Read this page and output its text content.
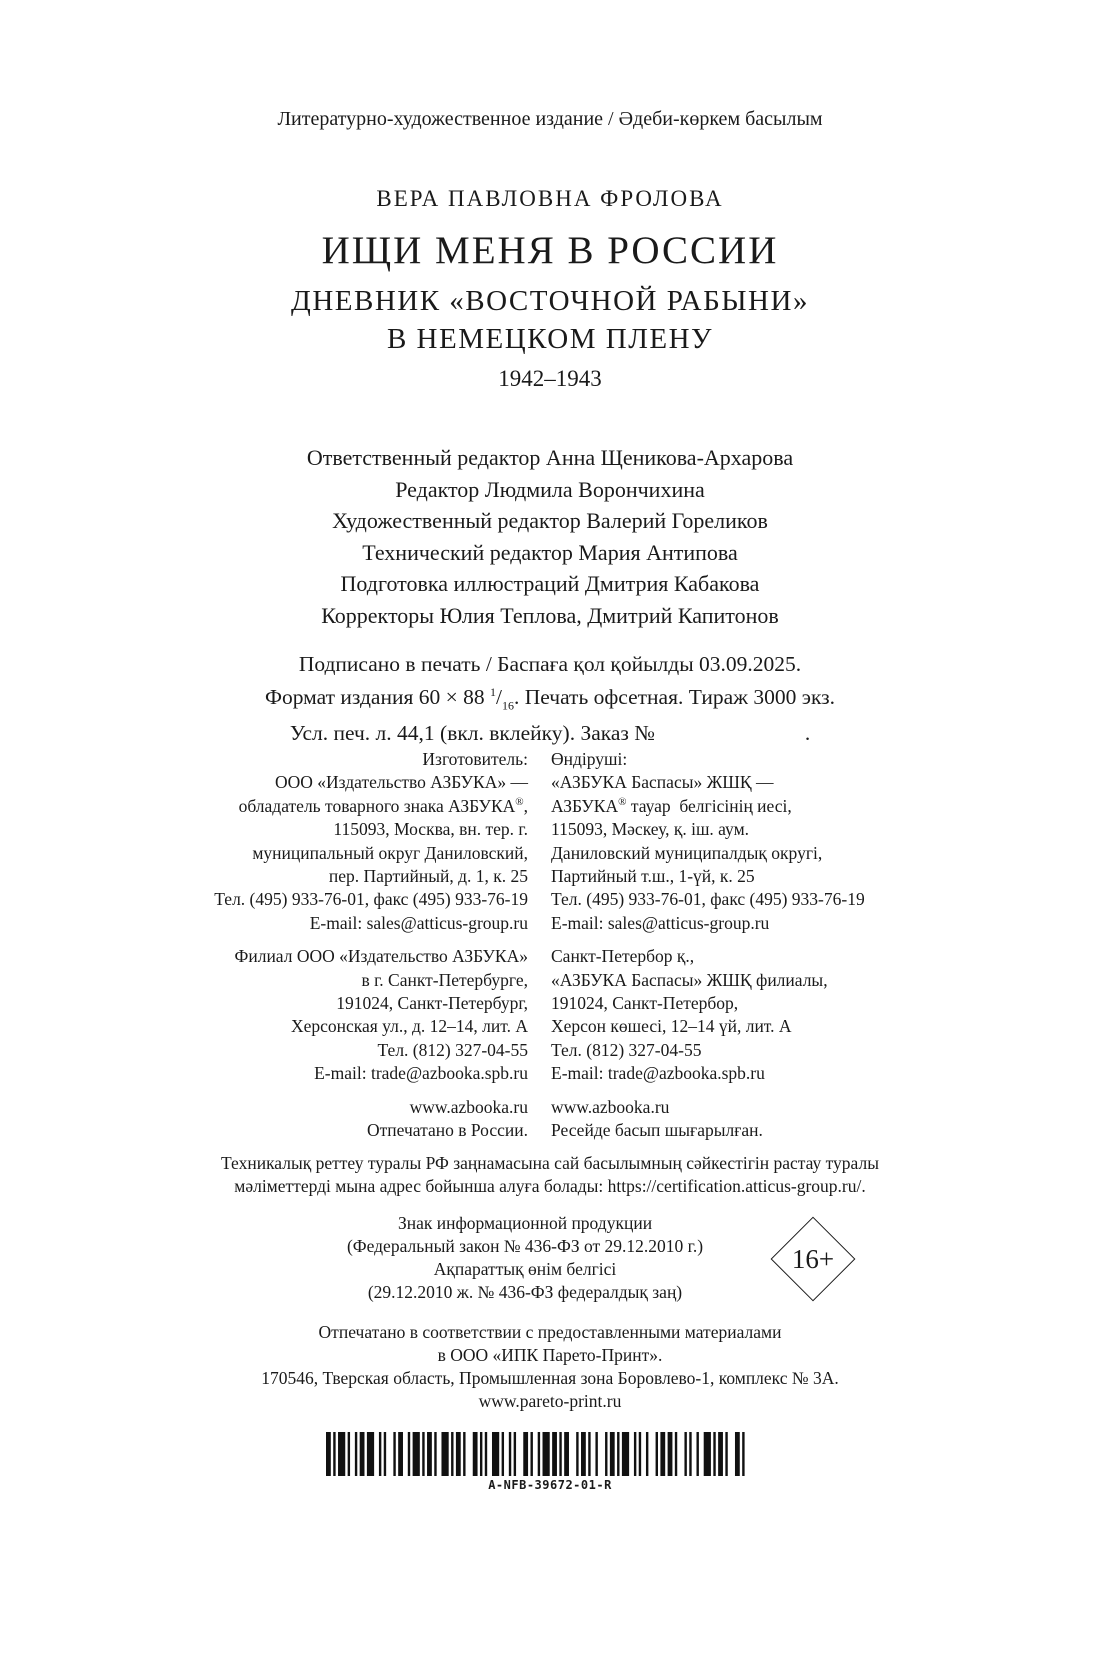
Литературно-художественное издание / Әдеби-көркем басылым
ВЕРА ПАВЛОВНА ФРОЛОВА
ИЩИ МЕНЯ В РОССИИ
ДНЕВНИК «ВОСТОЧНОЙ РАБЫНИ»
В НЕМЕЦКОМ ПЛЕНУ
1942–1943
Ответственный редактор Анна Щеникова-Архарова
Редактор Людмила Ворончихина
Художественный редактор Валерий Гореликов
Технический редактор Мария Антипова
Подготовка иллюстраций Дмитрия Кабакова
Корректоры Юлия Теплова, Дмитрий Капитонов
Подписано в печать / Баспаға қол қойылды 03.09.2025.
Формат издания 60 × 88 $^1/_{16}$. Печать офсетная. Тираж 3000 экз.
Усл. печ. л. 44,1 (вкл. вклейку). Заказ №	.
Изготовитель:
ООО «Издательство АЗБУКА» —
обладатель товарного знака АЗБУКА®,
115093, Москва, вн. тер. г.
муниципальный округ Даниловский,
пер. Партийный, д. 1, к. 25
Тел. (495) 933-76-01, факс (495) 933-76-19
E-mail: sales@atticus-group.ru
Филиал ООО «Издательство АЗБУКА»
в г. Санкт-Петербурге,
191024, Санкт-Петербург,
Херсонская ул., д. 12–14, лит. А
Тел. (812) 327-04-55
E-mail: trade@azbooka.spb.ru
www.azbooka.ru
Отпечатано в России.
Өндіруші:
«АЗБУКА Баспасы» ЖШҚ —
АЗБУКА® тауар  белгісінің иесі,
115093, Мәскеу, қ. іш. аум.
Даниловский муниципалдық округі,
Партийный т.ш., 1-үй, к. 25
Тел. (495) 933-76-01, факс (495) 933-76-19
E-mail: sales@atticus-group.ru
Санкт-Петербор қ.,
«АЗБУКА Баспасы» ЖШҚ филиалы,
191024, Санкт-Петербор,
Херсон көшесі, 12–14 үй, лит. А
Тел. (812) 327-04-55
E-mail: trade@azbooka.spb.ru
www.azbooka.ru
Ресейде басып шығарылған.
Техникалық реттеу туралы РФ заңнамасына сай басылымның сәйкестігін растау туралы
мәліметтерді мына адрес бойынша алуға болады: https://certification.atticus-group.ru/.
Знак информационной продукции
(Федеральный закон № 436-ФЗ от 29.12.2010 г.)
Ақпараттық өнім белгісі
(29.12.2010 ж. № 436-ФЗ федералдық заң)
16+
Отпечатано в соответствии с предоставленными материалами
в ООО «ИПК Парето-Принт».
170546, Тверская область, Промышленная зона Боровлево-1, комплекс № 3А.
www.pareto-print.ru
A-NFB-39672-01-R
